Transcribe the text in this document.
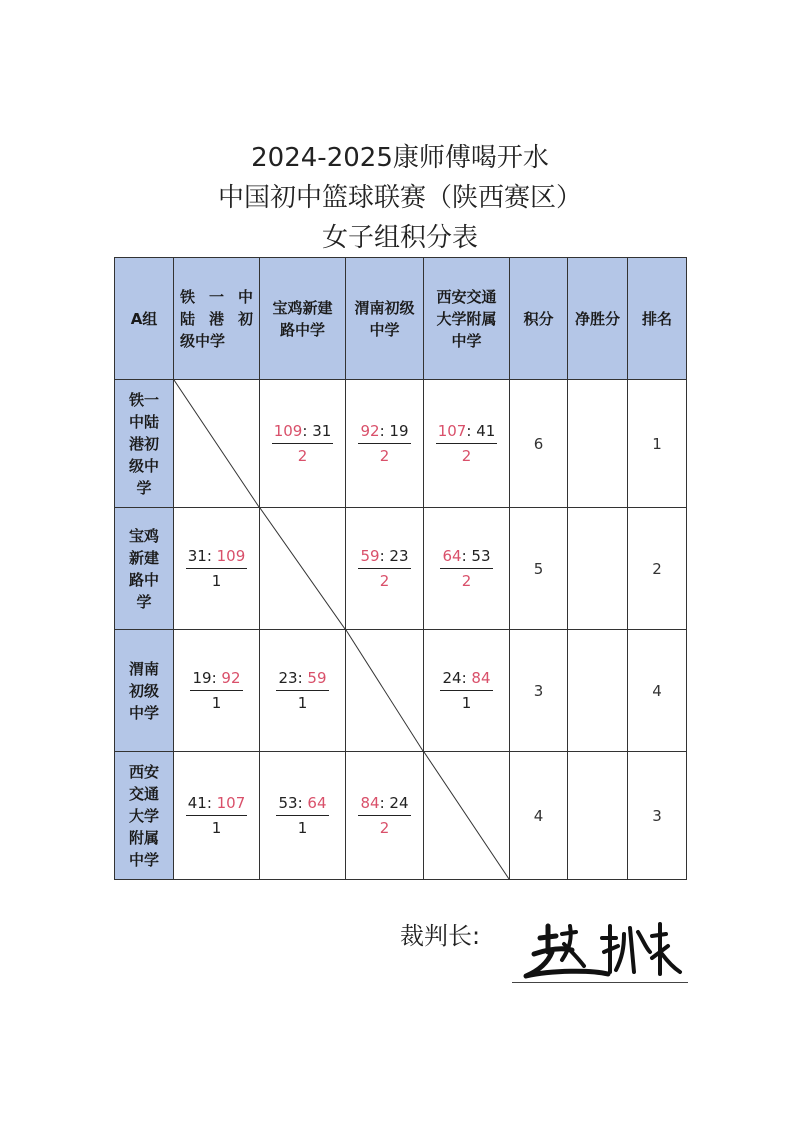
2024-2025康师傅喝开水
中国初中篮球联赛（陕西赛区）
女子组积分表
A组	铁 一 中 陆 港 初 级中学	宝鸡新建路中学	渭南初级中学	西安交通大学附属中学	积分	净胜分	排名

铁一中陆港初级中学		$\frac{109: 31}{2}$	$\frac{92: 19}{2}$	$\frac{107: 41}{2}$	6		1

宝鸡新建路中学	$\frac{31: 109}{1}$		$\frac{59: 23}{2}$	$\frac{64: 53}{2}$	5		2

渭南初级中学	$\frac{19: 92}{1}$	$\frac{23: 59}{1}$		$\frac{24: 84}{1}$	3		4

西安交通大学附属中学	$\frac{41: 107}{1}$	$\frac{53: 64}{1}$	$\frac{84: 24}{2}$		4		3
裁判长:
